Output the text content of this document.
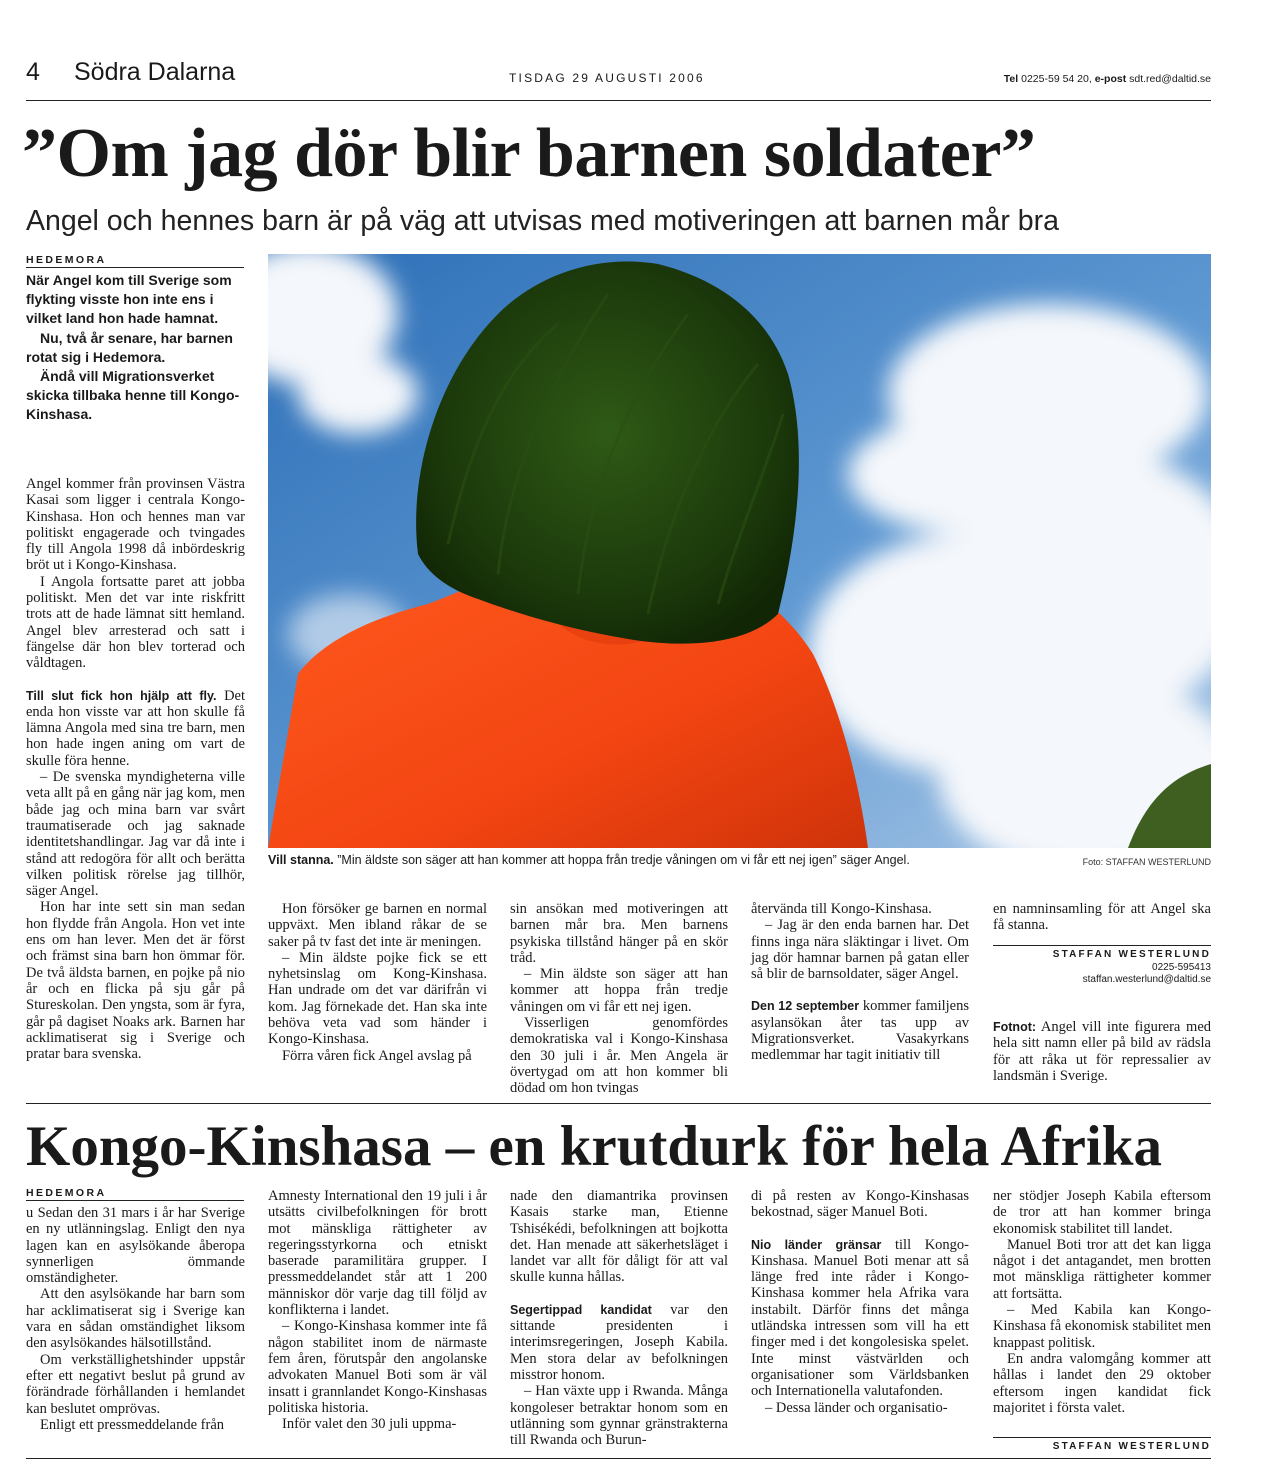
4 Södra Dalarna	TISDAG 29 AUGUSTI 2006	Tel 0225-59 54 20, e-post sdt.red@daltid.se
”Om jag dör blir barnen soldater”
Angel och hennes barn är på väg att utvisas med motiveringen att barnen mår bra
HEDEMORA

När Angel kom till Sverige som flykting visste hon inte ens i vilket land hon hade hamnat.

Nu, två år senare, har barnen rotat sig i Hedemora.

Ändå vill Migrationsverket skicka tillbaka henne till Kongo-Kinshasa.

Angel kommer från provinsen Västra Kasai som ligger i centrala Kongo-Kinshasa. Hon och hennes man var politiskt engagerade och tvingades fly till Angola 1998 då inbördeskrig bröt ut i Kongo-Kinshasa.

I Angola fortsatte paret att jobba politiskt. Men det var inte riskfritt trots att de hade lämnat sitt hemland. Angel blev arresterad och satt i fängelse där hon blev torterad och våldtagen.

Till slut fick hon hjälp att fly. Det enda hon visste var att hon skulle få lämna Angola med sina tre barn, men hon hade ingen aning om vart de skulle föra henne.

– De svenska myndigheterna ville veta allt på en gång när jag kom, men både jag och mina barn var svårt traumatiserade och jag saknade identitetshandlingar. Jag var då inte i stånd att redogöra för allt och berätta vilken politisk rörelse jag tillhör, säger Angel.

Hon har inte sett sin man sedan hon flydde från Angola. Hon vet inte ens om han lever. Men det är först och främst sina barn hon ömmar för. De två äldsta barnen, en pojke på nio år och en flicka på sju går på Stureskolan. Den yngsta, som är fyra, går på dagiset Noaks ark. Barnen har acklimatiserat sig i Sverige och pratar bara svenska.

Vill stanna. ”Min äldste son säger att han kommer att hoppa från tredje våningen om vi får ett nej igen” säger Angel.	Foto: STAFFAN WESTERLUND

Hon försöker ge barnen en normal uppväxt. Men ibland råkar de se saker på tv fast det inte är meningen.

– Min äldste pojke fick se ett nyhetsinslag om Kong-Kinshasa. Han undrade om det var därifrån vi kom. Jag förnekade det. Han ska inte behöva veta vad som händer i Kongo-Kinshasa.

Förra våren fick Angel avslag på

sin ansökan med motiveringen att barnen mår bra. Men barnens psykiska tillstånd hänger på en skör tråd.

– Min äldste son säger att han kommer att hoppa från tredje våningen om vi får ett nej igen.

Visserligen genomfördes demokratiska val i Kongo-Kinshasa den 30 juli i år. Men Angela är övertygad om att hon kommer bli dödad om hon tvingas

återvända till Kongo-Kinshasa.

– Jag är den enda barnen har. Det finns inga nära släktingar i livet. Om jag dör hamnar barnen på gatan eller så blir de barnsoldater, säger Angel.

Den 12 september kommer familjens asylansökan åter tas upp av Migrationsverket. Vasakyrkans medlemmar har tagit initiativ till

en namninsamling för att Angel ska få stanna.

STAFFAN WESTERLUND
0225-595413
staffan.westerlund@daltid.se

Fotnot: Angel vill inte figurera med hela sitt namn eller på bild av rädsla för att råka ut för repressalier av landsmän i Sverige.

Kongo-Kinshasa – en krutdurk för hela Afrika
HEDEMORA

u Sedan den 31 mars i år har Sverige en ny utlänningslag. Enligt den nya lagen kan en asylsökande åberopa synnerligen ömmande omständigheter.

Att den asylsökande har barn som har acklimatiserat sig i Sverige kan vara en sådan omständighet liksom den asylsökandes hälsotillstånd.

Om verkställighetshinder uppstår efter ett negativt beslut på grund av förändrade förhållanden i hemlandet kan beslutet omprövas.

Enligt ett pressmeddelande från

Amnesty International den 19 juli i år utsätts civilbefolkningen för brott mot mänskliga rättigheter av regeringsstyrkorna och etniskt baserade paramilitära grupper. I pressmeddelandet står att 1 200 människor dör varje dag till följd av konflikterna i landet.

– Kongo-Kinshasa kommer inte få någon stabilitet inom de närmaste fem åren, förutspår den angolanske advokaten Manuel Boti som är väl insatt i grannlandet Kongo-Kinshasas politiska historia.

Inför valet den 30 juli uppma-

nade den diamantrika provinsen Kasais starke man, Etienne Tshisékédi, befolkningen att bojkotta det. Han menade att säkerhetsläget i landet var allt för dåligt för att val skulle kunna hållas.

Segertippad kandidat var den sittande presidenten i interimsregeringen, Joseph Kabila. Men stora delar av befolkningen misstror honom.

– Han växte upp i Rwanda. Många kongoleser betraktar honom som en utlänning som gynnar gränstrakterna till Rwanda och Burun-

di på resten av Kongo-Kinshasas bekostnad, säger Manuel Boti.

Nio länder gränsar till Kongo-Kinshasa. Manuel Boti menar att så länge fred inte råder i Kongo-Kinshasa kommer hela Afrika vara instabilt. Därför finns det många utländska intressen som vill ha ett finger med i det kongolesiska spelet. Inte minst västvärlden och organisationer som Världsbanken och Internationella valutafonden.

– Dessa länder och organisatio-

ner stödjer Joseph Kabila eftersom de tror att han kommer bringa ekonomisk stabilitet till landet.

Manuel Boti tror att det kan ligga något i det antagandet, men brotten mot mänskliga rättigheter kommer att fortsätta.

– Med Kabila kan Kongo-Kinshasa få ekonomisk stabilitet men knappast politisk.

En andra valomgång kommer att hållas i landet den 29 oktober eftersom ingen kandidat fick majoritet i första valet.

STAFFAN WESTERLUND
